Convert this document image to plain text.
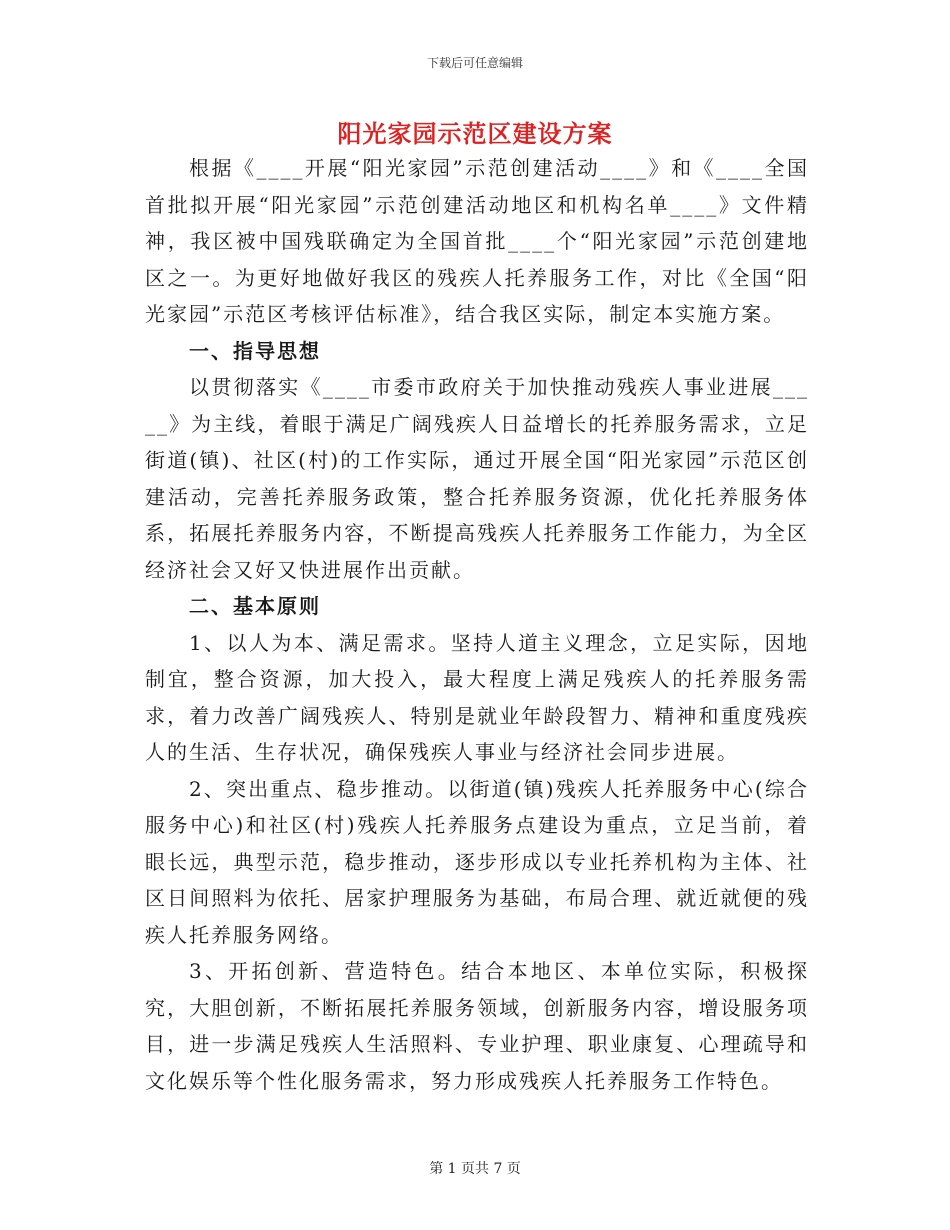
下载后可任意编辑
阳光家园示范区建设方案

根据《____开展“阳光家园”示范创建活动____》和《____全国首批拟开展“阳光家园”示范创建活动地区和机构名单____》文件精神，我区被中国残联确定为全国首批____个“阳光家园”示范创建地区之一。为更好地做好我区的残疾人托养服务工作，对比《全国“阳光家园”示范区考核评估标准》，结合我区实际，制定本实施方案。

一、指导思想

以贯彻落实《____市委市政府关于加快推动残疾人事业进展_____》为主线，着眼于满足广阔残疾人日益增长的托养服务需求，立足街道(镇)、社区(村)的工作实际，通过开展全国“阳光家园”示范区创建活动，完善托养服务政策，整合托养服务资源，优化托养服务体系，拓展托养服务内容，不断提高残疾人托养服务工作能力，为全区经济社会又好又快进展作出贡献。

二、基本原则

1、以人为本、满足需求。坚持人道主义理念，立足实际，因地制宜，整合资源，加大投入，最大程度上满足残疾人的托养服务需求，着力改善广阔残疾人、特别是就业年龄段智力、精神和重度残疾人的生活、生存状况，确保残疾人事业与经济社会同步进展。

2、突出重点、稳步推动。以街道(镇)残疾人托养服务中心(综合服务中心)和社区(村)残疾人托养服务点建设为重点，立足当前，着眼长远，典型示范，稳步推动，逐步形成以专业托养机构为主体、社区日间照料为依托、居家护理服务为基础，布局合理、就近就便的残疾人托养服务网络。

3、开拓创新、营造特色。结合本地区、本单位实际，积极探究，大胆创新，不断拓展托养服务领域，创新服务内容，增设服务项目，进一步满足残疾人生活照料、专业护理、职业康复、心理疏导和文化娱乐等个性化服务需求，努力形成残疾人托养服务工作特色。

第 1 页共 7 页
